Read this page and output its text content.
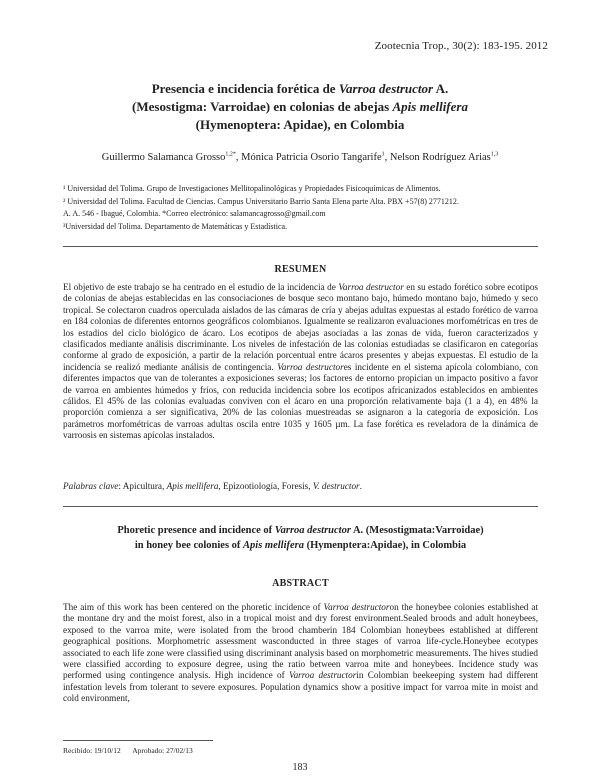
Zootecnia Trop., 30(2): 183-195. 2012
Presencia e incidencia forética de Varroa destructor A.
(Mesostigma: Varroidae) en colonias de abejas Apis mellifera
(Hymenoptera: Apidae), en Colombia
Guillermo Salamanca Grosso$^{1,2*}$, Mónica Patricia Osorio Tangarife$^1$, Nelson Rodríguez Arias$^{1,3}$
¹ Universidad del Tolima. Grupo de Investigaciones Mellitopalinológicas y Propiedades Fisicoquímicas de Alimentos.
² Universidad del Tolima. Facultad de Ciencias. Campus Universitario Barrio Santa Elena parte Alta. PBX +57(8) 2771212.
A. A. 546 - Ibagué, Colombia. *Correo electrónico: salamancagrosso@gmail.com
³Universidad del Tolima. Departamento de Matemáticas y Estadística.
RESUMEN

El objetivo de este trabajo se ha centrado en el estudio de la incidencia de Varroa destructor en su estado forético sobre ecotipos de colonias de abejas establecidas en las consociaciones de bosque seco montano bajo, húmedo montano bajo, húmedo y seco tropical. Se colectaron cuadros operculada aislados de las cámaras de cría y abejas adultas expuestas al estado forético de varroa en 184 colonias de diferentes entornos geográficos colombianos. Igualmente se realizaron evaluaciones morfométricas en tres de los estadios del ciclo biológico de ácaro. Los ecotipos de abejas asociadas a las zonas de vida, fueron caracterizados y clasificados mediante análisis discriminante. Los niveles de infestación de las colonias estudiadas se clasificaron en categorías conforme al grado de exposición, a partir de la relación porcentual entre ácaros presentes y abejas expuestas. El estudio de la incidencia se realizó mediante análisis de contingencia. Varroa destructores incidente en el sistema apícola colombiano, con diferentes impactos que van de tolerantes a exposiciones severas; los factores de entorno propician un impacto positivo a favor de varroa en ambientes húmedos y fríos, con reducida incidencia sobre los ecotipos africanizados establecidos en ambientes cálidos. El 45% de las colonias evaluadas conviven con el ácaro en una proporción relativamente baja (1 a 4), en 48% la proporción comienza a ser significativa, 20% de las colonias muestreadas se asignaron a la categoría de exposición. Los parámetros morfométricas de varroas adultas oscila entre 1035 y 1605 µm. La fase forética es reveladora de la dinámica de varroosis en sistemas apícolas instalados.

Palabras clave: Apicultura, Apis mellifera, Epizootiología, Foresis, V. destructor.
Phoretic presence and incidence of Varroa destructor A. (Mesostigmata:Varroidae)
in honey bee colonies of Apis mellifera (Hymenptera:Apidae), in Colombia
ABSTRACT

The aim of this work has been centered on the phoretic incidence of Varroa destructoron the honeybee colonies established at the montane dry and the moist forest, also in a tropical moist and dry forest environment.Sealed broods and adult honeybees, exposed to the varroa mite, were isolated from the brood chamberin 184 Colombian honeybees established at different geographical positions. Morphometric assessment wasconducted in three stages of varroa life-cycle.Honeybee ecotypes associated to each life zone were classified using discriminant analysis based on morphometric measurements. The hives studied were classified according to exposure degree, using the ratio between varroa mite and honeybees. Incidence study was performed using contingence analysis. High incidence of Varroa destructorin Colombian beekeeping system had different infestation levels from tolerant to severe exposures. Population dynamics show a positive impact for varroa mite in moist and cold environment,

Recibido: 19/10/12 Aprobado: 27/02/13
183
